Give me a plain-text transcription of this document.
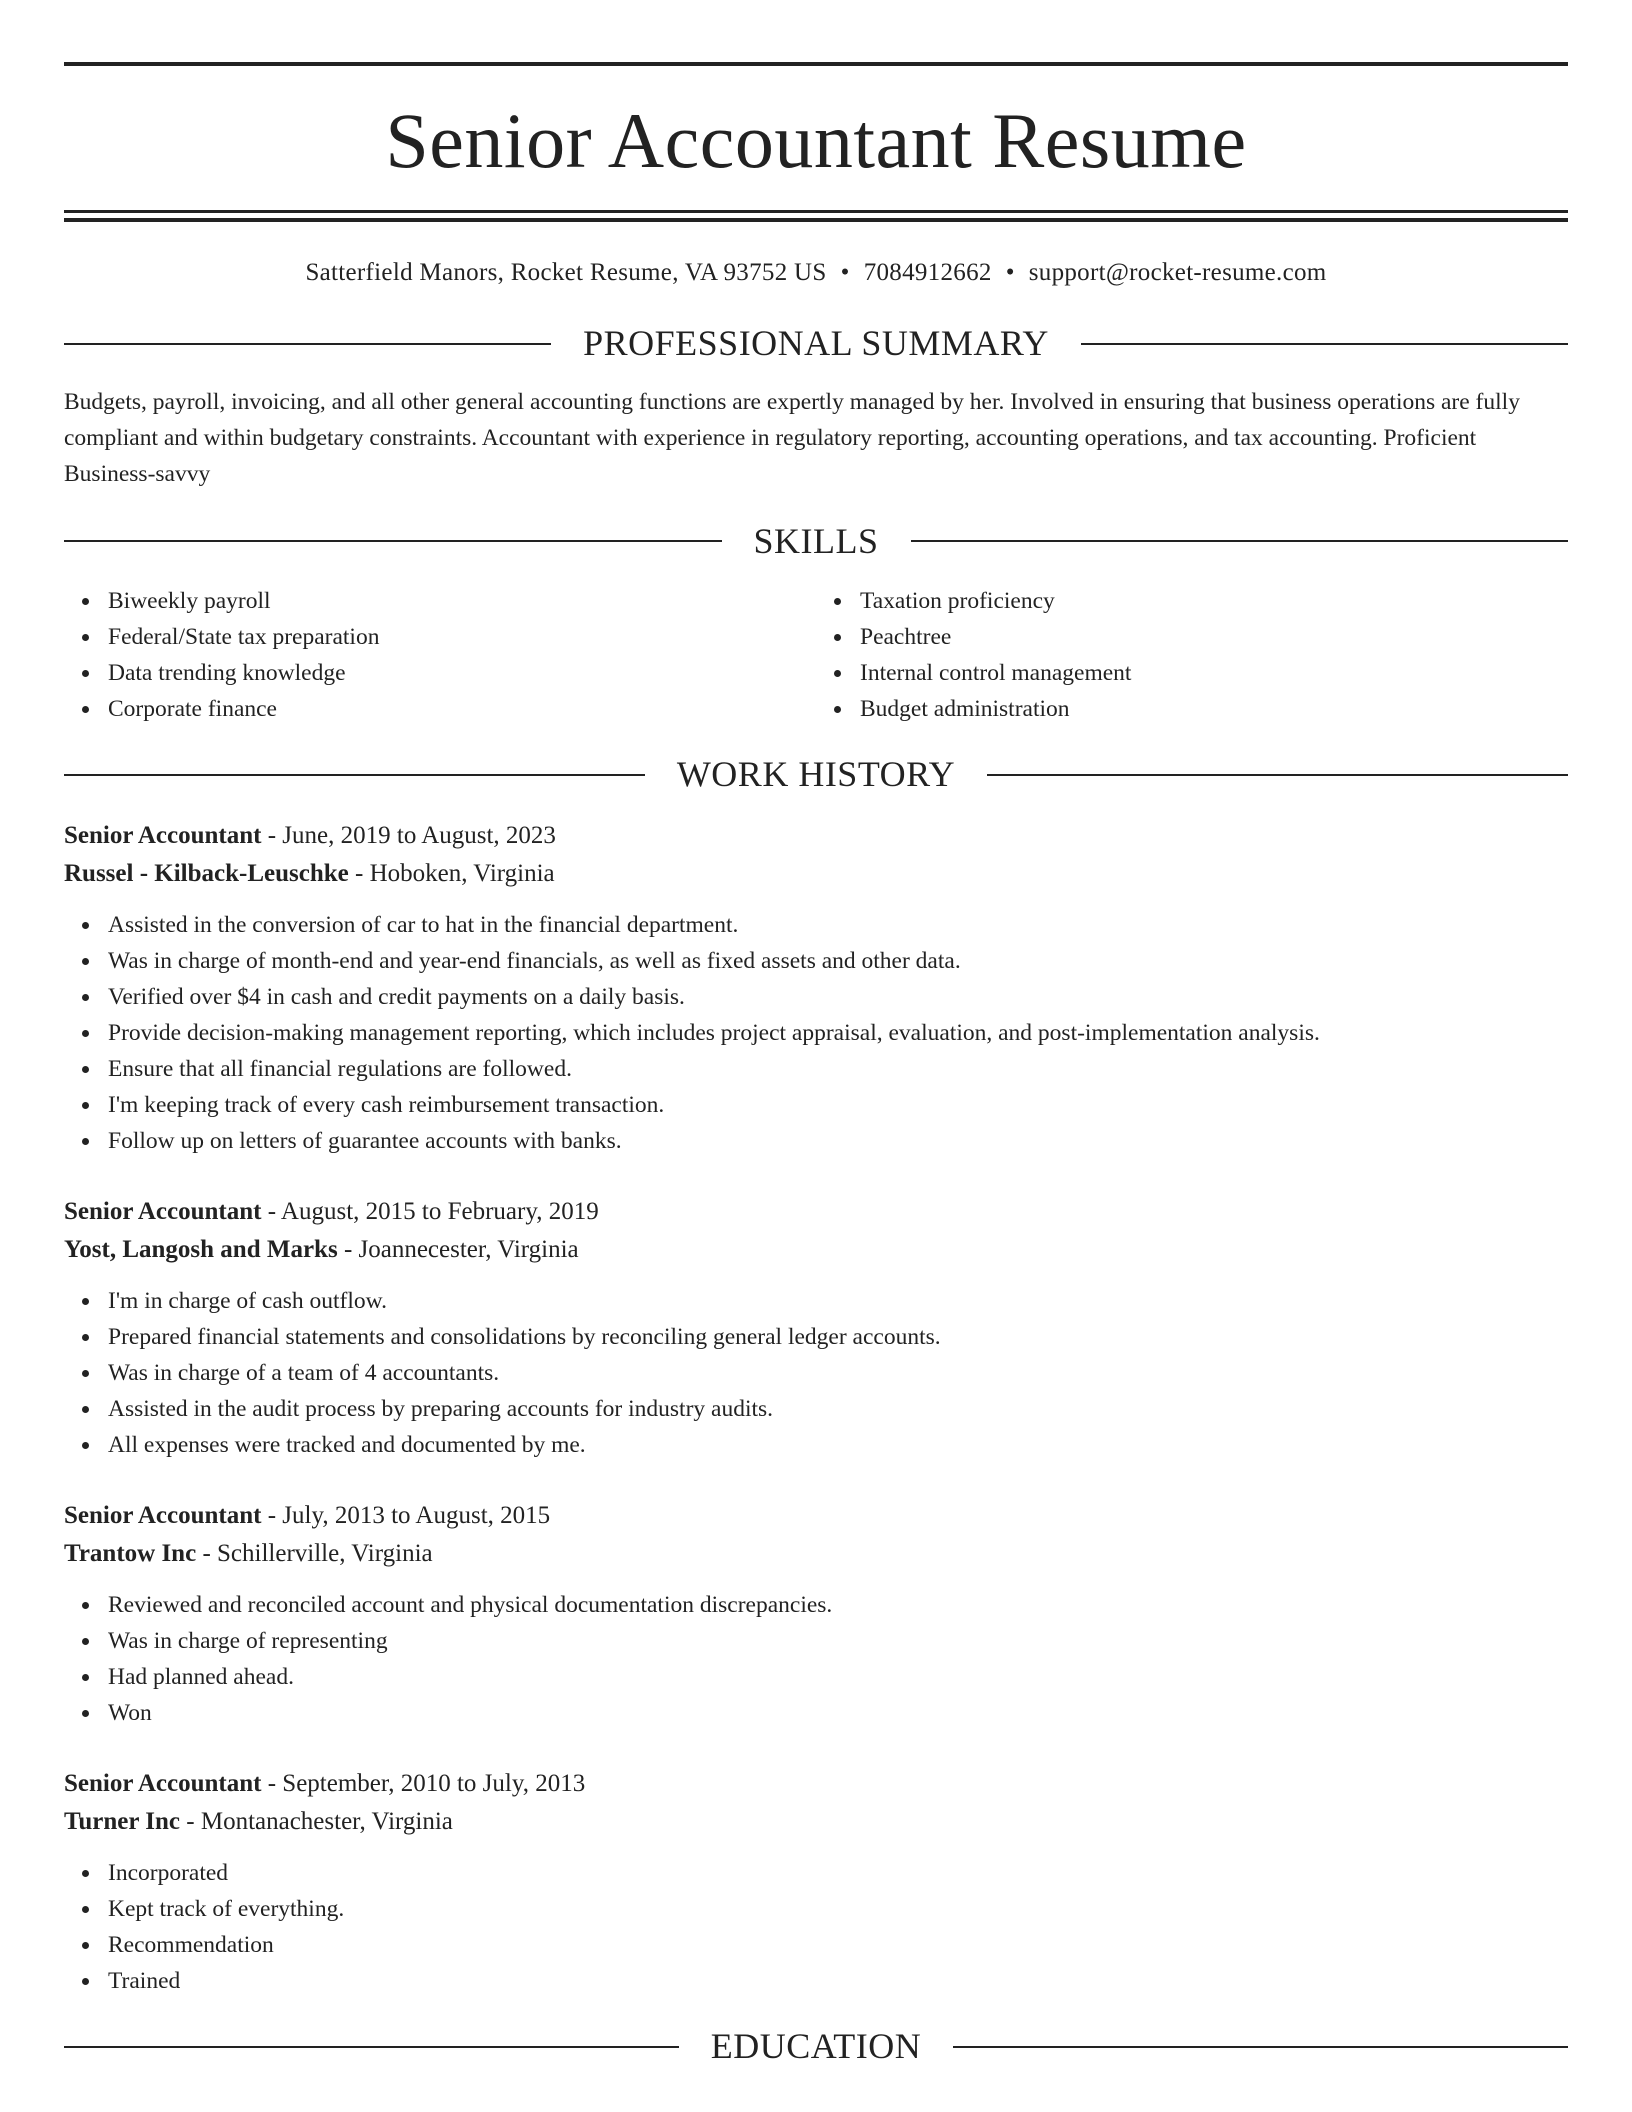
Senior Accountant Resume
Satterfield Manors, Rocket Resume, VA 93752 US • 7084912662 • support@rocket-resume.com
PROFESSIONAL SUMMARY
Budgets, payroll, invoicing, and all other general accounting functions are expertly managed by her. Involved in ensuring that business operations are fully compliant and within budgetary constraints. Accountant with experience in regulatory reporting, accounting operations, and tax accounting. Proficient Business-savvy
SKILLS
Biweekly payroll
Federal/State tax preparation
Data trending knowledge
Corporate finance
Taxation proficiency
Peachtree
Internal control management
Budget administration
WORK HISTORY
Senior Accountant - June, 2019 to August, 2023
Russel - Kilback-Leuschke - Hoboken, Virginia
Assisted in the conversion of car to hat in the financial department.
Was in charge of month-end and year-end financials, as well as fixed assets and other data.
Verified over $4 in cash and credit payments on a daily basis.
Provide decision-making management reporting, which includes project appraisal, evaluation, and post-implementation analysis.
Ensure that all financial regulations are followed.
I'm keeping track of every cash reimbursement transaction.
Follow up on letters of guarantee accounts with banks.
Senior Accountant - August, 2015 to February, 2019
Yost, Langosh and Marks - Joannecester, Virginia
I'm in charge of cash outflow.
Prepared financial statements and consolidations by reconciling general ledger accounts.
Was in charge of a team of 4 accountants.
Assisted in the audit process by preparing accounts for industry audits.
All expenses were tracked and documented by me.
Senior Accountant - July, 2013 to August, 2015
Trantow Inc - Schillerville, Virginia
Reviewed and reconciled account and physical documentation discrepancies.
Was in charge of representing
Had planned ahead.
Won
Senior Accountant - September, 2010 to July, 2013
Turner Inc - Montanachester, Virginia
Incorporated
Kept track of everything.
Recommendation
Trained
EDUCATION
